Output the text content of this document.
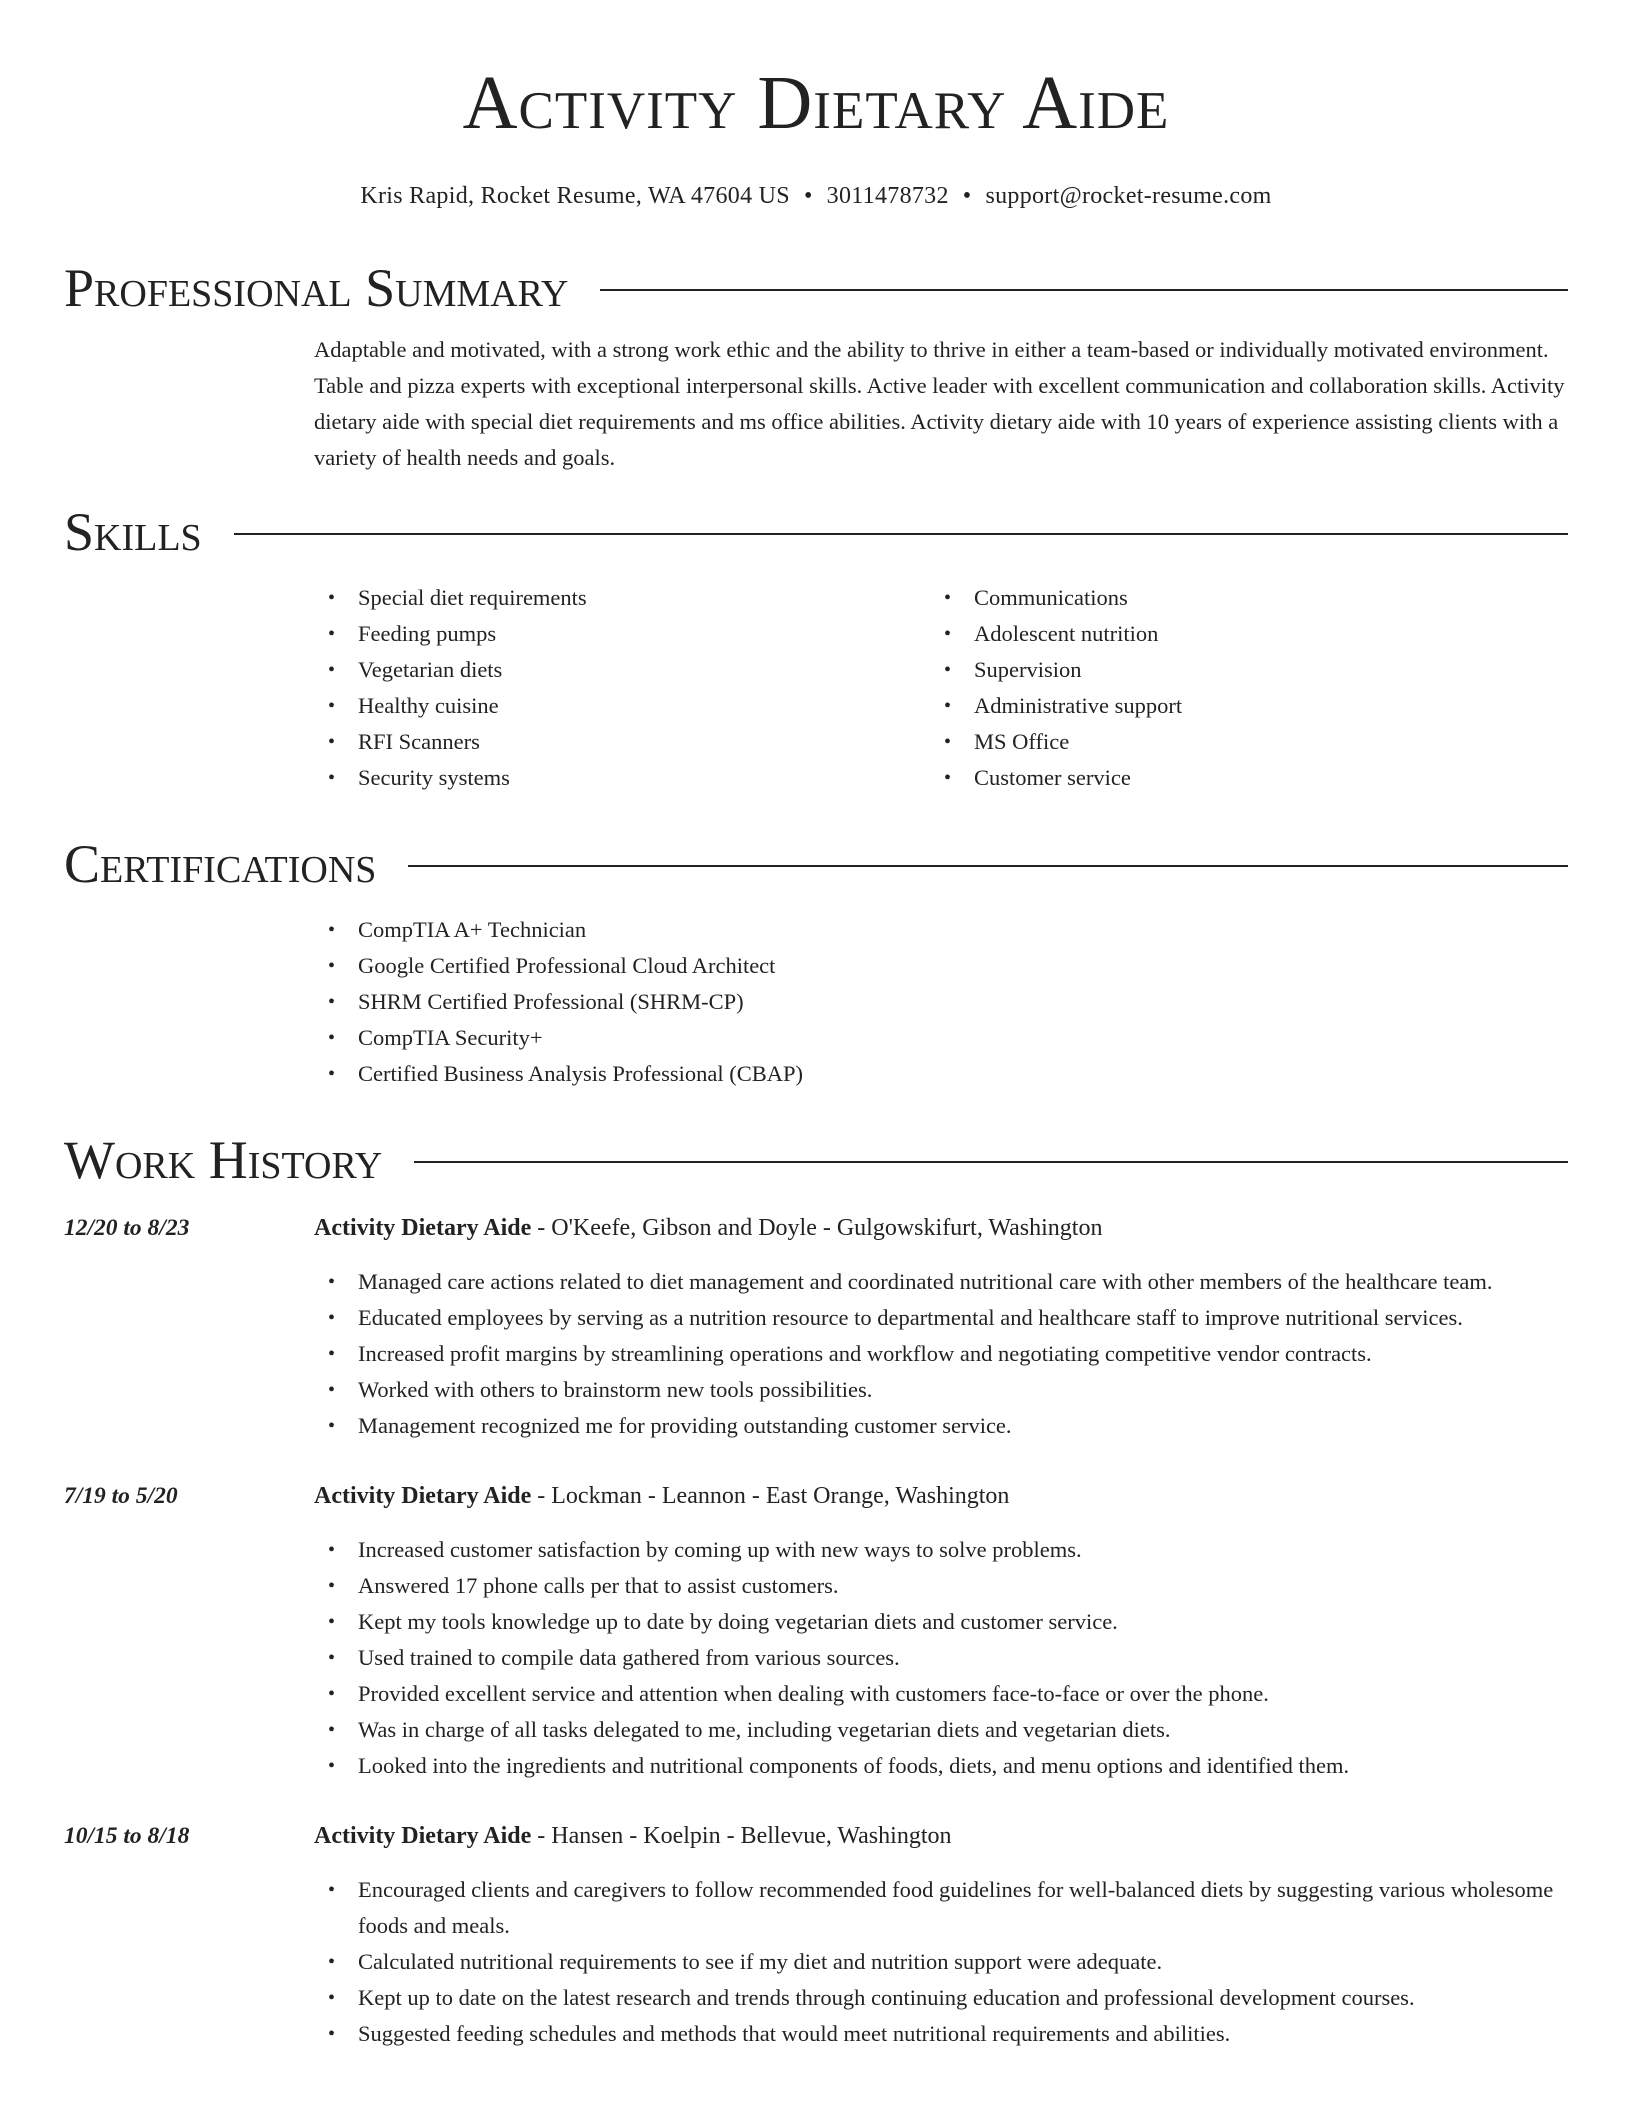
Activity Dietary Aide
Kris Rapid, Rocket Resume, WA 47604 US • 3011478732 • support@rocket-resume.com
Professional Summary
Adaptable and motivated, with a strong work ethic and the ability to thrive in either a team-based or individually motivated environment. Table and pizza experts with exceptional interpersonal skills. Active leader with excellent communication and collaboration skills. Activity dietary aide with special diet requirements and ms office abilities. Activity dietary aide with 10 years of experience assisting clients with a variety of health needs and goals.
Skills
• Special diet requirements
• Feeding pumps
• Vegetarian diets
• Healthy cuisine
• RFI Scanners
• Security systems
• Communications
• Adolescent nutrition
• Supervision
• Administrative support
• MS Office
• Customer service
Certifications
• CompTIA A+ Technician
• Google Certified Professional Cloud Architect
• SHRM Certified Professional (SHRM-CP)
• CompTIA Security+
• Certified Business Analysis Professional (CBAP)
Work History
12/20 to 8/23	Activity Dietary Aide - O'Keefe, Gibson and Doyle - Gulgowskifurt, Washington
• Managed care actions related to diet management and coordinated nutritional care with other members of the healthcare team.
• Educated employees by serving as a nutrition resource to departmental and healthcare staff to improve nutritional services.
• Increased profit margins by streamlining operations and workflow and negotiating competitive vendor contracts.
• Worked with others to brainstorm new tools possibilities.
• Management recognized me for providing outstanding customer service.
7/19 to 5/20	Activity Dietary Aide - Lockman - Leannon - East Orange, Washington
• Increased customer satisfaction by coming up with new ways to solve problems.
• Answered 17 phone calls per that to assist customers.
• Kept my tools knowledge up to date by doing vegetarian diets and customer service.
• Used trained to compile data gathered from various sources.
• Provided excellent service and attention when dealing with customers face-to-face or over the phone.
• Was in charge of all tasks delegated to me, including vegetarian diets and vegetarian diets.
• Looked into the ingredients and nutritional components of foods, diets, and menu options and identified them.
10/15 to 8/18	Activity Dietary Aide - Hansen - Koelpin - Bellevue, Washington
• Encouraged clients and caregivers to follow recommended food guidelines for well-balanced diets by suggesting various wholesome foods and meals.
• Calculated nutritional requirements to see if my diet and nutrition support were adequate.
• Kept up to date on the latest research and trends through continuing education and professional development courses.
• Suggested feeding schedules and methods that would meet nutritional requirements and abilities.
